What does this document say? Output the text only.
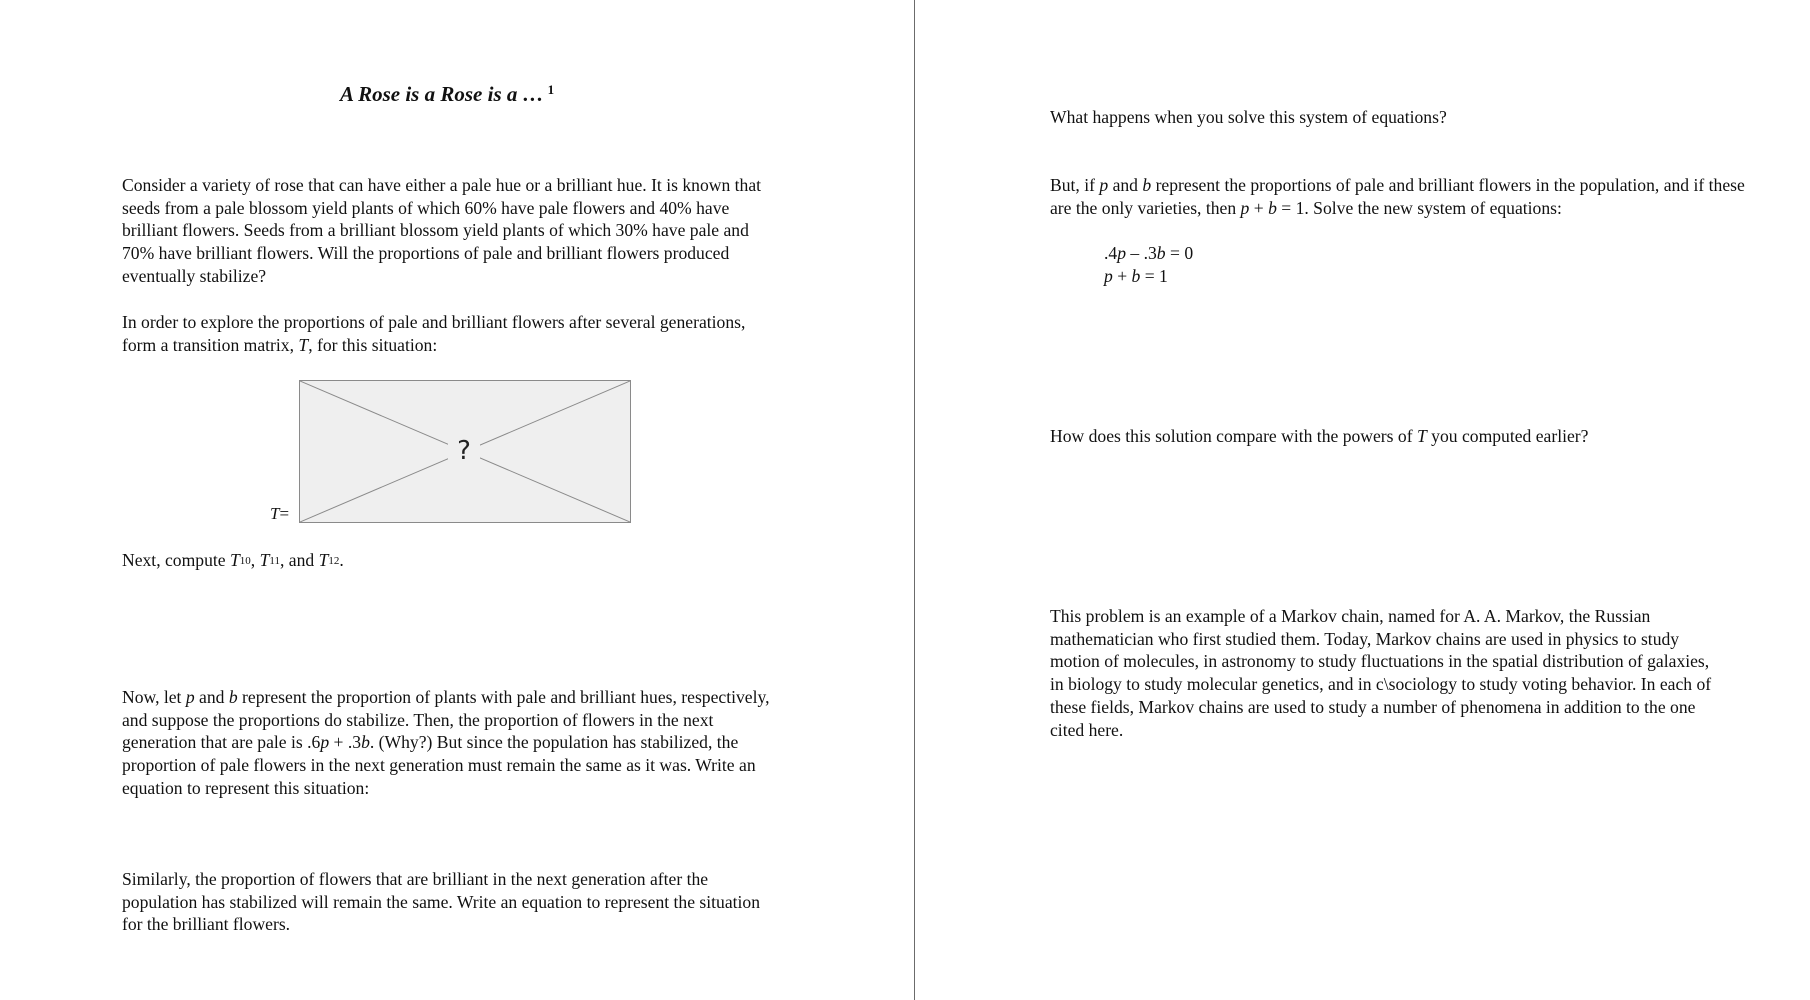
A Rose is a Rose is a … $^1$

Consider a variety of rose that can have either a pale hue or a brilliant hue. It is known that seeds from a pale blossom yield plants of which 60% have pale flowers and 40% have brilliant flowers. Seeds from a brilliant blossom yield plants of which 30% have pale and 70% have brilliant flowers. Will the proportions of pale and brilliant flowers produced eventually stabilize?

In order to explore the proportions of pale and brilliant flowers after several generations, form a transition matrix, T, for this situation:

T=
?

Next, compute $T^{10}$, $T^{11}$, and $T^{12}$.

Now, let p and b represent the proportion of plants with pale and brilliant hues, respectively, and suppose the proportions do stabilize. Then, the proportion of flowers in the next generation that are pale is .6p + .3b. (Why?) But since the population has stabilized, the proportion of pale flowers in the next generation must remain the same as it was. Write an equation to represent this situation:

Similarly, the proportion of flowers that are brilliant in the next generation after the population has stabilized will remain the same. Write an equation to represent the situation for the brilliant flowers.

What happens when you solve this system of equations?

But, if p and b represent the proportions of pale and brilliant flowers in the population, and if these are the only varieties, then p + b = 1. Solve the new system of equations:

.4p – .3b = 0
p + b = 1

How does this solution compare with the powers of T you computed earlier?

This problem is an example of a Markov chain, named for A. A. Markov, the Russian mathematician who first studied them. Today, Markov chains are used in physics to study motion of molecules, in astronomy to study fluctuations in the spatial distribution of galaxies, in biology to study molecular genetics, and in c\sociology to study voting behavior. In each of these fields, Markov chains are used to study a number of phenomena in addition to the one cited here.
